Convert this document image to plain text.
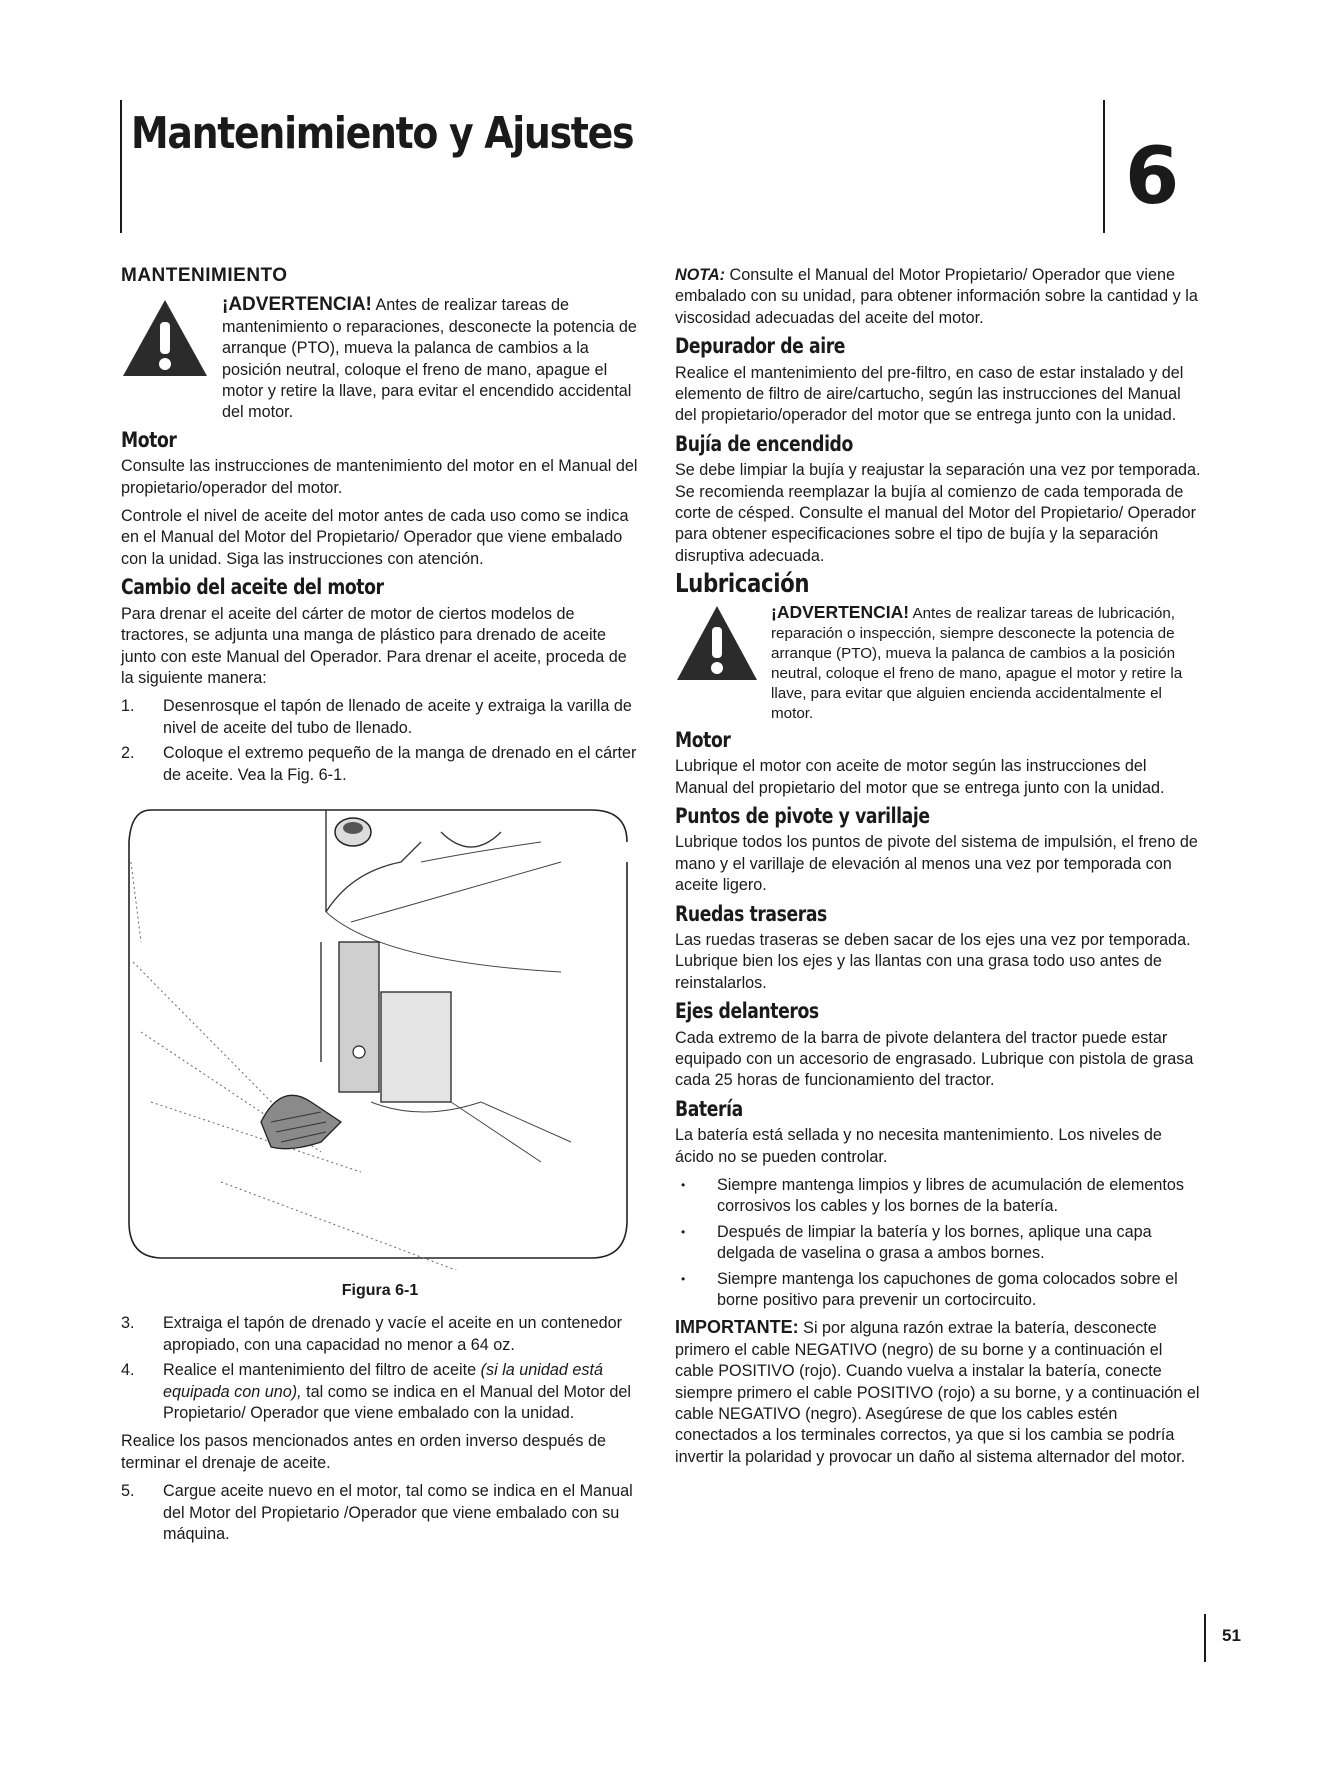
Mantenimiento y Ajustes	6
MANTENIMIENTO
¡ADVERTENCIA! Antes de realizar tareas de mantenimiento o reparaciones, desconecte la potencia de arranque (PTO), mueva la palanca de cambios a la posición neutral, coloque el freno de mano, apague el motor y retire la llave, para evitar el encendido accidental del motor.
Motor

Consulte las instrucciones de mantenimiento del motor en el Manual del propietario/operador del motor.

Controle el nivel de aceite del motor antes de cada uso como se indica en el Manual del Motor del Propietario/ Operador que viene embalado con la unidad. Siga las instrucciones con atención.

Cambio del aceite del motor

Para drenar el aceite del cárter de motor de ciertos modelos de tractores, se adjunta una manga de plástico para drenado de aceite junto con este Manual del Operador. Para drenar el aceite, proceda de la siguiente manera:

1. Desenrosque el tapón de llenado de aceite y extraiga la varilla de nivel de aceite del tubo de llenado.
2. Coloque el extremo pequeño de la manga de drenado en el cárter de aceite. Vea la Fig. 6-1.
Figura 6-1
3. Extraiga el tapón de drenado y vacíe el aceite en un contenedor apropiado, con una capacidad no menor a 64 oz.
4. Realice el mantenimiento del filtro de aceite (si la unidad está equipada con uno), tal como se indica en el Manual del Motor del Propietario/ Operador que viene embalado con la unidad.

Realice los pasos mencionados antes en orden inverso después de terminar el drenaje de aceite.

5. Cargue aceite nuevo en el motor, tal como se indica en el Manual del Motor del Propietario /Operador que viene embalado con su máquina.

NOTA: Consulte el Manual del Motor Propietario/ Operador que viene embalado con su unidad, para obtener información sobre la cantidad y la viscosidad adecuadas del aceite del motor.

Depurador de aire

Realice el mantenimiento del pre-filtro, en caso de estar instalado y del elemento de filtro de aire/cartucho, según las instrucciones del Manual del propietario/operador del motor que se entrega junto con la unidad.

Bujía de encendido

Se debe limpiar la bujía y reajustar la separación una vez por temporada. Se recomienda reemplazar la bujía al comienzo de cada temporada de corte de césped. Consulte el manual del Motor del Propietario/ Operador para obtener especificaciones sobre el tipo de bujía y la separación disruptiva adecuada.

Lubricación
¡ADVERTENCIA! Antes de realizar tareas de lubricación, reparación o inspección, siempre desconecte la potencia de arranque (PTO), mueva la palanca de cambios a la posición neutral, coloque el freno de mano, apague el motor y retire la llave, para evitar que alguien encienda accidentalmente el motor.
Motor

Lubrique el motor con aceite de motor según las instrucciones del Manual del propietario del motor que se entrega junto con la unidad.

Puntos de pivote y varillaje

Lubrique todos los puntos de pivote del sistema de impulsión, el freno de mano y el varillaje de elevación al menos una vez por temporada con aceite ligero.

Ruedas traseras

Las ruedas traseras se deben sacar de los ejes una vez por temporada. Lubrique bien los ejes y las llantas con una grasa todo uso antes de reinstalarlos.

Ejes delanteros

Cada extremo de la barra de pivote delantera del tractor puede estar equipado con un accesorio de engrasado. Lubrique con pistola de grasa cada 25 horas de funcionamiento del tractor.

Batería

La batería está sellada y no necesita mantenimiento. Los niveles de ácido no se pueden controlar.

• Siempre mantenga limpios y libres de acumulación de elementos corrosivos los cables y los bornes de la batería.
• Después de limpiar la batería y los bornes, aplique una capa delgada de vaselina o grasa a ambos bornes.
• Siempre mantenga los capuchones de goma colocados sobre el borne positivo para prevenir un cortocircuito.

IMPORTANTE: Si por alguna razón extrae la batería, desconecte primero el cable NEGATIVO (negro) de su borne y a continuación el cable POSITIVO (rojo). Cuando vuelva a instalar la batería, conecte siempre primero el cable POSITIVO (rojo) a su borne, y a continuación el cable NEGATIVO (negro). Asegúrese de que los cables estén conectados a los terminales correctos, ya que si los cambia se podría invertir la polaridad y provocar un daño al sistema alternador del motor.

51
